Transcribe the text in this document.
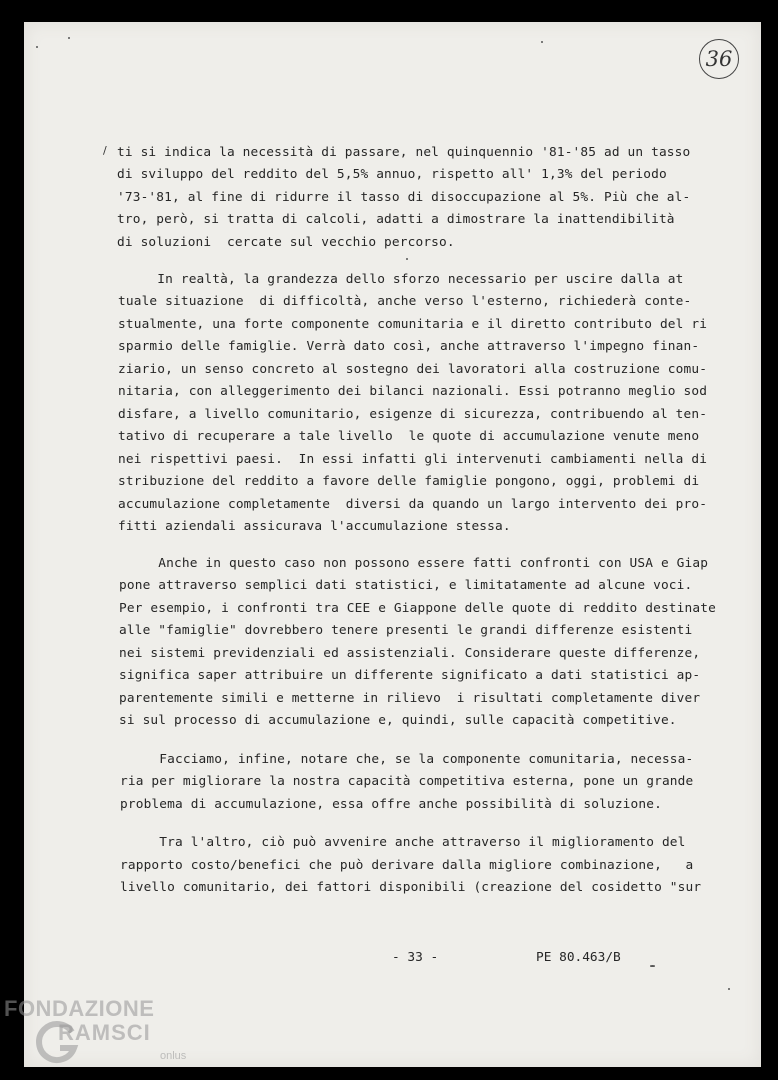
36
/ ti si indica la necessità di passare, nel quinquennio '81-'85 ad un tasso
di sviluppo del reddito del 5,5% annuo, rispetto all' 1,3% del periodo
'73-'81, al fine di ridurre il tasso di disoccupazione al 5%. Più che al-
tro, però, si tratta di calcoli, adatti a dimostrare la inattendibilità
di soluzioni  cercate sul vecchio percorso.
In realtà, la grandezza dello sforzo necessario per uscire dalla at
tuale situazione  di difficoltà, anche verso l'esterno, richiederà conte-
stualmente, una forte componente comunitaria e il diretto contributo del ri
sparmio delle famiglie. Verrà dato così, anche attraverso l'impegno finan-
ziario, un senso concreto al sostegno dei lavoratori alla costruzione comu-
nitaria, con alleggerimento dei bilanci nazionali. Essi potranno meglio sod
disfare, a livello comunitario, esigenze di sicurezza, contribuendo al ten-
tativo di recuperare a tale livello  le quote di accumulazione venute meno
nei rispettivi paesi.  In essi infatti gli intervenuti cambiamenti nella di
stribuzione del reddito a favore delle famiglie pongono, oggi, problemi di
accumulazione completamente  diversi da quando un largo intervento dei pro-
fitti aziendali assicurava l'accumulazione stessa.
Anche in questo caso non possono essere fatti confronti con USA e Giap
pone attraverso semplici dati statistici, e limitatamente ad alcune voci.
Per esempio, i confronti tra CEE e Giappone delle quote di reddito destinate
alle "famiglie" dovrebbero tenere presenti le grandi differenze esistenti
nei sistemi previdenziali ed assistenziali. Considerare queste differenze,
significa saper attribuire un differente significato a dati statistici ap-
parentemente simili e metterne in rilievo  i risultati completamente diver
si sul processo di accumulazione e, quindi, sulle capacità competitive.
Facciamo, infine, notare che, se la componente comunitaria, necessa-
ria per migliorare la nostra capacità competitiva esterna, pone un grande
problema di accumulazione, essa offre anche possibilità di soluzione.
Tra l'altro, ciò può avvenire anche attraverso il miglioramento del
rapporto costo/benefici che può derivare dalla migliore combinazione,   a
livello comunitario, dei fattori disponibili (creazione del cosidetto "sur
- 33 -	PE 80.463/B
FONDAZIONE
RAMSCI
onlus
